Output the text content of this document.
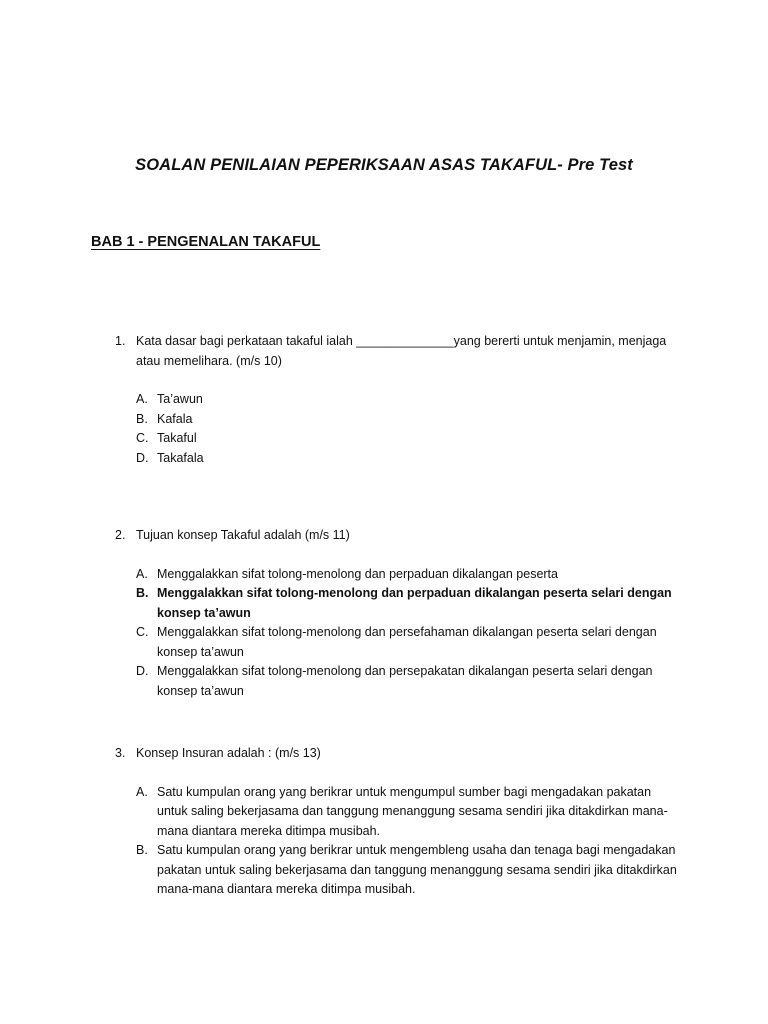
SOALAN PENILAIAN PEPERIKSAAN ASAS TAKAFUL- Pre Test
BAB 1 - PENGENALAN TAKAFUL
1. Kata dasar bagi perkataan takaful ialah ______________yang bererti untuk menjamin, menjaga atau memelihara. (m/s 10)
A. Ta’awun
B. Kafala
C. Takaful
D. Takafala
2. Tujuan konsep Takaful adalah (m/s 11)
A. Menggalakkan sifat tolong-menolong dan perpaduan dikalangan peserta
B. Menggalakkan sifat tolong-menolong dan perpaduan dikalangan peserta selari dengan konsep ta’awun
C. Menggalakkan sifat tolong-menolong dan persefahaman dikalangan peserta selari dengan konsep ta’awun
D. Menggalakkan sifat tolong-menolong dan persepakatan dikalangan peserta selari dengan konsep ta’awun
3. Konsep Insuran adalah : (m/s 13)
A. Satu kumpulan orang yang berikrar untuk mengumpul sumber bagi mengadakan pakatan untuk saling bekerjasama dan tanggung menanggung sesama sendiri jika ditakdirkan mana-mana diantara mereka ditimpa musibah.
B. Satu kumpulan orang yang berikrar untuk mengembleng usaha dan tenaga bagi mengadakan pakatan untuk saling bekerjasama dan tanggung menanggung sesama sendiri jika ditakdirkan mana-mana diantara mereka ditimpa musibah.
